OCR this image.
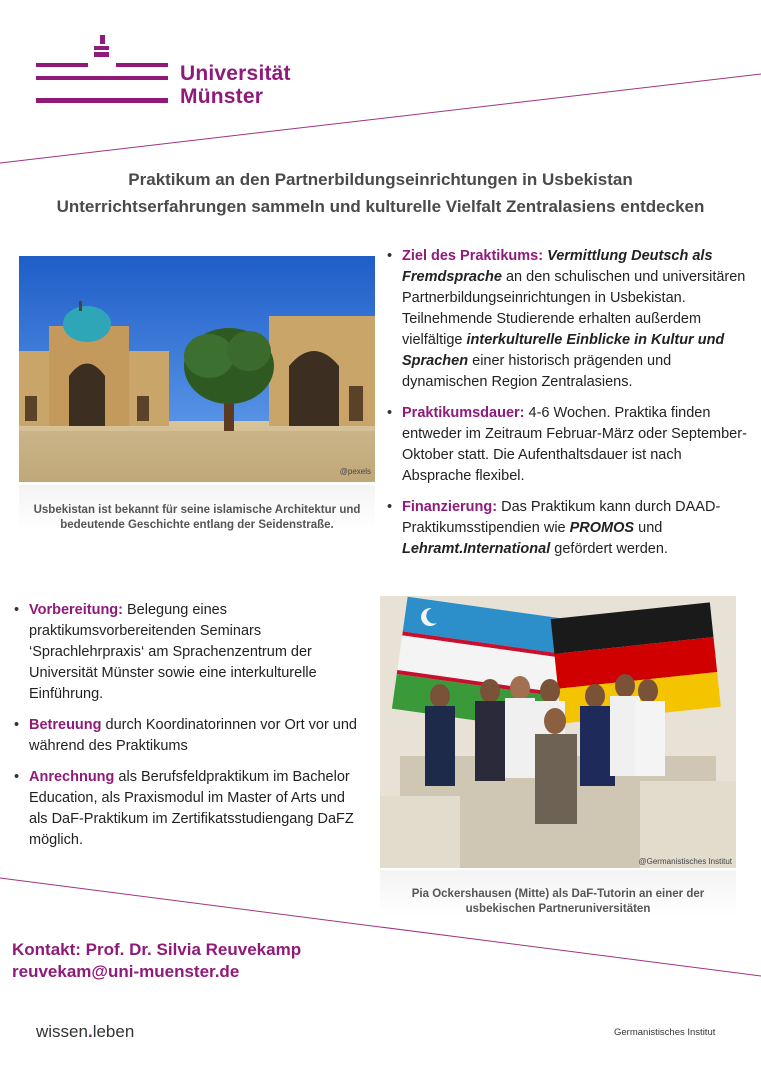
Universität
Münster
Praktikum an den Partnerbildungseinrichtungen in Usbekistan
Unterrichtserfahrungen sammeln und kulturelle Vielfalt Zentralasiens entdecken
@pexels
Usbekistan ist bekannt für seine islamische Architektur und bedeutende Geschichte entlang der Seidenstraße.
• Ziel des Praktikums: Vermittlung Deutsch als Fremdsprache an den schulischen und universitären Partnerbildungseinrichtungen in Usbekistan. Teilnehmende Studierende erhalten außerdem vielfältige interkulturelle Einblicke in Kultur und Sprachen einer historisch prägenden und dynamischen Region Zentralasiens.
• Praktikumsdauer: 4-6 Wochen. Praktika finden entweder im Zeitraum Februar-März oder September-Oktober statt. Die Aufenthaltsdauer ist nach Absprache flexibel.
• Finanzierung: Das Praktikum kann durch DAAD-Praktikumsstipendien wie PROMOS und Lehramt.International gefördert werden.
• Vorbereitung: Belegung eines praktikumsvorbereitenden Seminars ‘Sprachlehrpraxis‘ am Sprachenzentrum der Universität Münster sowie eine interkulturelle Einführung.
• Betreuung durch Koordinatorinnen vor Ort vor und während des Praktikums
• Anrechnung als Berufsfeldpraktikum im Bachelor Education, als Praxismodul im Master of Arts und als DaF-Praktikum im Zertifikatsstudiengang DaFZ möglich.
@Germanistisches Institut
Pia Ockershausen (Mitte) als DaF-Tutorin an einer der usbekischen Partneruniversitäten
Kontakt: Prof. Dr. Silvia Reuvekamp
reuvekam@uni-muenster.de
wissen.leben	Germanistisches Institut
